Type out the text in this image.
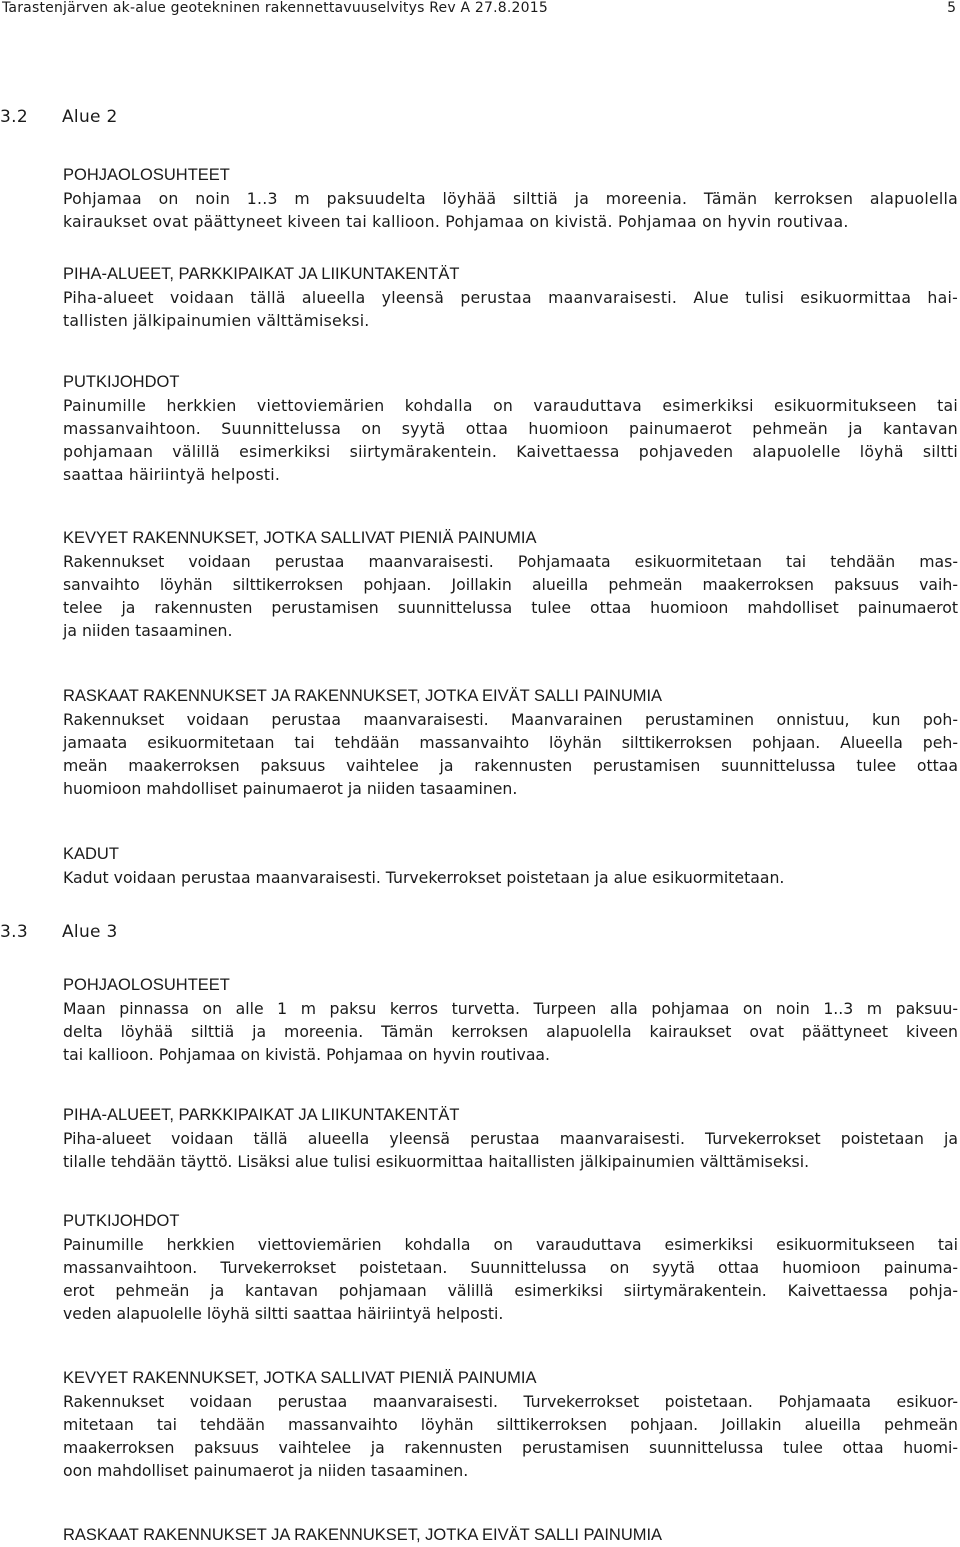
Tarastenjärven ak-alue geotekninen rakennettavuuselvitys Rev A 27.8.2015	5
3.2 Alue 2
POHJAOLOSUHTEET
Pohjamaa on noin 1..3 m paksuudelta löyhää silttiä ja moreenia. Tämän kerroksen alapuolella
kairaukset ovat päättyneet kiveen tai kallioon. Pohjamaa on kivistä. Pohjamaa on hyvin routivaa.
PIHA-ALUEET, PARKKIPAIKAT JA LIIKUNTAKENTÄT
Piha-alueet voidaan tällä alueella yleensä perustaa maanvaraisesti. Alue tulisi esikuormittaa hai-
tallisten jälkipainumien välttämiseksi.
PUTKIJOHDOT
Painumille herkkien viettoviemärien kohdalla on varauduttava esimerkiksi esikuormitukseen tai
massanvaihtoon. Suunnittelussa on syytä ottaa huomioon painumaerot pehmeän ja kantavan
pohjamaan välillä esimerkiksi siirtymärakentein. Kaivettaessa pohjaveden alapuolelle löyhä siltti
saattaa häiriintyä helposti.
KEVYET RAKENNUKSET, JOTKA SALLIVAT PIENIÄ PAINUMIA
Rakennukset voidaan perustaa maanvaraisesti. Pohjamaata esikuormitetaan tai tehdään mas-
sanvaihto löyhän silttikerroksen pohjaan. Joillakin alueilla pehmeän maakerroksen paksuus vaih-
telee ja rakennusten perustamisen suunnittelussa tulee ottaa huomioon mahdolliset painumaerot
ja niiden tasaaminen.
RASKAAT RAKENNUKSET JA RAKENNUKSET, JOTKA EIVÄT SALLI PAINUMIA
Rakennukset voidaan perustaa maanvaraisesti. Maanvarainen perustaminen onnistuu, kun poh-
jamaata esikuormitetaan tai tehdään massanvaihto löyhän silttikerroksen pohjaan. Alueella peh-
meän maakerroksen paksuus vaihtelee ja rakennusten perustamisen suunnittelussa tulee ottaa
huomioon mahdolliset painumaerot ja niiden tasaaminen.
KADUT
Kadut voidaan perustaa maanvaraisesti. Turvekerrokset poistetaan ja alue esikuormitetaan.
3.3 Alue 3
POHJAOLOSUHTEET
Maan pinnassa on alle 1 m paksu kerros turvetta. Turpeen alla pohjamaa on noin 1..3 m paksuu-
delta löyhää silttiä ja moreenia. Tämän kerroksen alapuolella kairaukset ovat päättyneet kiveen
tai kallioon. Pohjamaa on kivistä. Pohjamaa on hyvin routivaa.
PIHA-ALUEET, PARKKIPAIKAT JA LIIKUNTAKENTÄT
Piha-alueet voidaan tällä alueella yleensä perustaa maanvaraisesti. Turvekerrokset poistetaan ja
tilalle tehdään täyttö. Lisäksi alue tulisi esikuormittaa haitallisten jälkipainumien välttämiseksi.
PUTKIJOHDOT
Painumille herkkien viettoviemärien kohdalla on varauduttava esimerkiksi esikuormitukseen tai
massanvaihtoon. Turvekerrokset poistetaan. Suunnittelussa on syytä ottaa huomioon painuma-
erot pehmeän ja kantavan pohjamaan välillä esimerkiksi siirtymärakentein. Kaivettaessa pohja-
veden alapuolelle löyhä siltti saattaa häiriintyä helposti.
KEVYET RAKENNUKSET, JOTKA SALLIVAT PIENIÄ PAINUMIA
Rakennukset voidaan perustaa maanvaraisesti. Turvekerrokset poistetaan. Pohjamaata esikuor-
mitetaan tai tehdään massanvaihto löyhän silttikerroksen pohjaan. Joillakin alueilla pehmeän
maakerroksen paksuus vaihtelee ja rakennusten perustamisen suunnittelussa tulee ottaa huomi-
oon mahdolliset painumaerot ja niiden tasaaminen.
RASKAAT RAKENNUKSET JA RAKENNUKSET, JOTKA EIVÄT SALLI PAINUMIA
